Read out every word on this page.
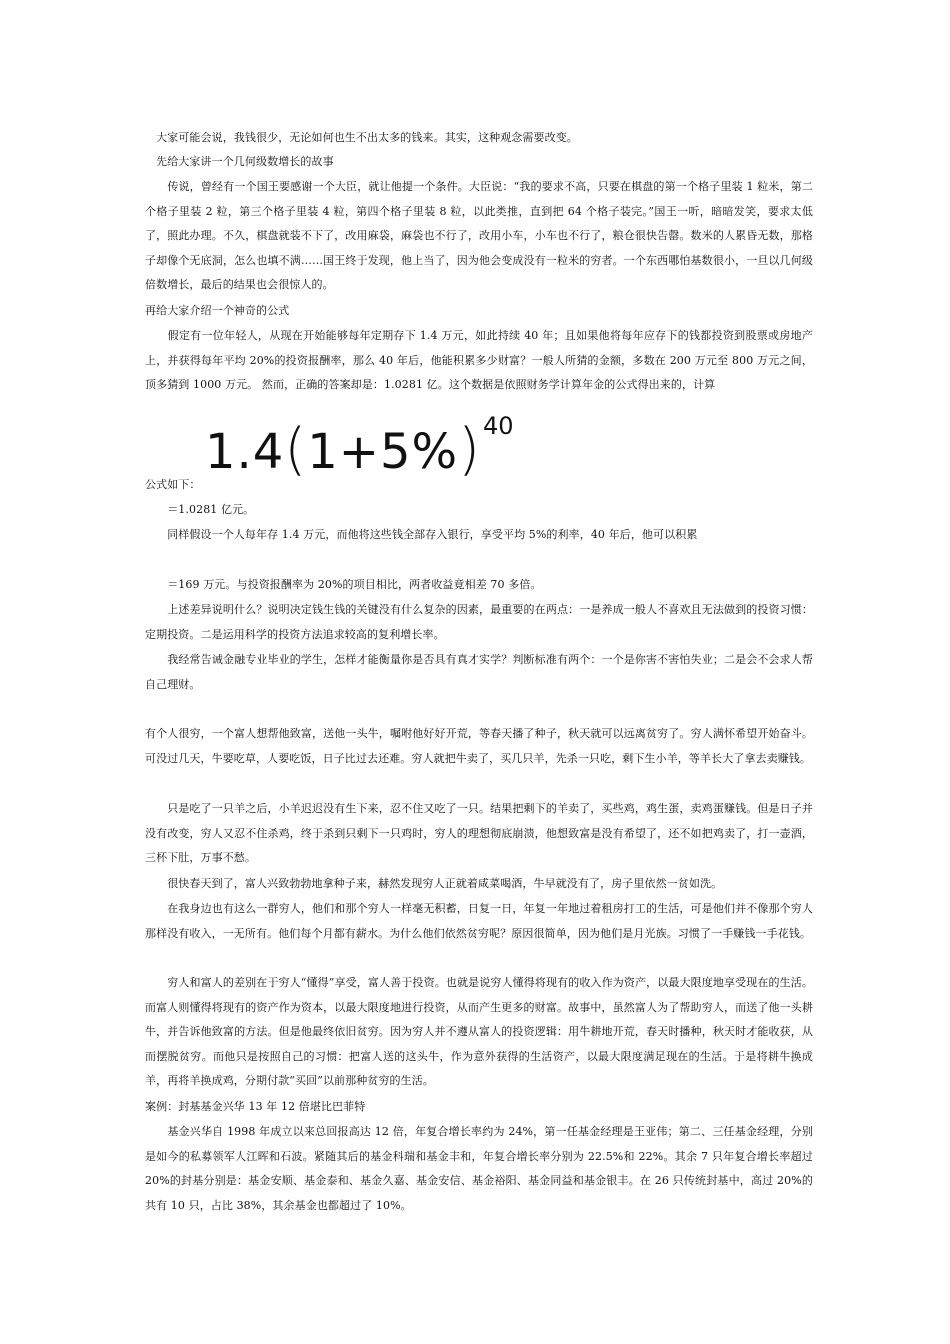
　大家可能会说，我钱很少，无论如何也生不出太多的钱来。其实，这种观念需要改变。

　先给大家讲一个几何级数增长的故事

　　传说，曾经有一个国王要感谢一个大臣，就让他提一个条件。大臣说：“我的要求不高，只要在棋盘的第一个格子里装 1 粒米，第二个格子里装 2 粒，第三个格子里装 4 粒，第四个格子里装 8 粒，以此类推，直到把 64 个格子装完。”国王一听，暗暗发笑，要求太低了，照此办理。不久，棋盘就装不下了，改用麻袋，麻袋也不行了，改用小车，小车也不行了，粮仓很快告罄。数米的人累昏无数，那格子却像个无底洞，怎么也填不满……国王终于发现，他上当了，因为他会变成没有一粒米的穷者。一个东西哪怕基数很小，一旦以几何级倍数增长，最后的结果也会很惊人的。

再给大家介绍一个神奇的公式

　　假定有一位年轻人，从现在开始能够每年定期存下 1.4 万元，如此持续 40 年；且如果他将每年应存下的钱都投资到股票或房地产上，并获得每年平均 20%的投资报酬率，那么 40 年后，他能积累多少财富？一般人所猜的金额，多数在 200 万元至 800 万元之间，顶多猜到 1000 万元。 然而，正确的答案却是：1.0281 亿。这个数据是依照财务学计算年金的公式得出来的，计算

1.4(1+5%)40

公式如下：

　　＝1.0281 亿元。

　　同样假设一个人每年存 1.4 万元，而他将这些钱全部存入银行，享受平均 5%的利率，40 年后，他可以积累

　　＝169 万元。与投资报酬率为 20%的项目相比，两者收益竟相差 70 多倍。

　　上述差异说明什么？说明决定钱生钱的关键没有什么复杂的因素，最重要的在两点：一是养成一般人不喜欢且无法做到的投资习惯：定期投资。二是运用科学的投资方法追求较高的复利增长率。

　　我经常告诫金融专业毕业的学生，怎样才能衡量你是否具有真才实学？判断标准有两个：一个是你害不害怕失业；二是会不会求人帮自己理财。

有个人很穷，一个富人想帮他致富，送他一头牛，嘱咐他好好开荒，等春天播了种子，秋天就可以远离贫穷了。穷人满怀希望开始奋斗。可没过几天，牛要吃草，人要吃饭，日子比过去还难。穷人就把牛卖了，买几只羊，先杀一只吃，剩下生小羊，等羊长大了拿去卖赚钱。

　　只是吃了一只羊之后，小羊迟迟没有生下来，忍不住又吃了一只。结果把剩下的羊卖了，买些鸡，鸡生蛋，卖鸡蛋赚钱。但是日子并没有改变，穷人又忍不住杀鸡，终于杀到只剩下一只鸡时，穷人的理想彻底崩溃，他想致富是没有希望了，还不如把鸡卖了，打一壶酒，三杯下肚，万事不愁。

　　很快春天到了，富人兴致勃勃地拿种子来，赫然发现穷人正就着咸菜喝酒，牛早就没有了，房子里依然一贫如洗。

　　在我身边也有这么一群穷人，他们和那个穷人一样毫无积蓄，日复一日，年复一年地过着租房打工的生活，可是他们并不像那个穷人那样没有收入，一无所有。他们每个月都有薪水。为什么他们依然贫穷呢？原因很简单，因为他们是月光族。习惯了一手赚钱一手花钱。

　　穷人和富人的差别在于穷人“懂得”享受，富人善于投资。也就是说穷人懂得将现有的收入作为资产，以最大限度地享受现在的生活。而富人则懂得将现有的资产作为资本，以最大限度地进行投资，从而产生更多的财富。故事中，虽然富人为了帮助穷人，而送了他一头耕牛，并告诉他致富的方法。但是他最终依旧贫穷。因为穷人并不遵从富人的投资逻辑：用牛耕地开荒，春天时播种，秋天时才能收获，从而摆脱贫穷。而他只是按照自己的习惯：把富人送的这头牛，作为意外获得的生活资产，以最大限度满足现在的生活。于是将耕牛换成羊，再将羊换成鸡，分期付款“买回”以前那种贫穷的生活。

案例：封基基金兴华 13 年 12 倍堪比巴菲特

　　基金兴华自 1998 年成立以来总回报高达 12 倍，年复合增长率约为 24%，第一任基金经理是王亚伟；第二、三任基金经理，分别是如今的私募领军人江晖和石波。紧随其后的基金科瑞和基金丰和，年复合增长率分别为 22.5%和 22%。其余 7 只年复合增长率超过 20%的封基分别是：基金安顺、基金泰和、基金久嘉、基金安信、基金裕阳、基金同益和基金银丰。在 26 只传统封基中，高过 20%的共有 10 只，占比 38%，其余基金也都超过了 10%。
